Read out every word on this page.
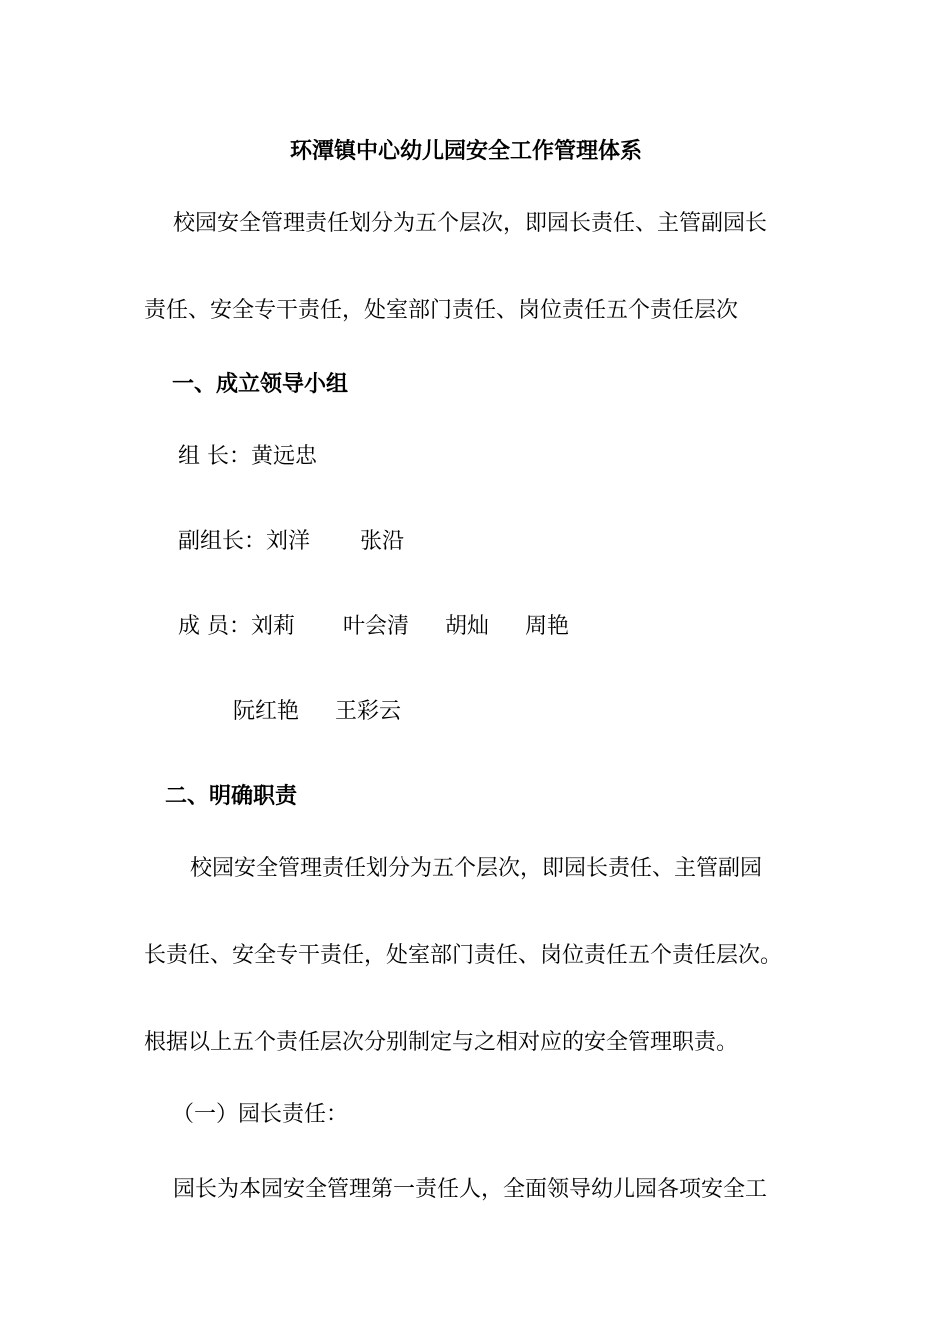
环潭镇中心幼儿园安全工作管理体系
校园安全管理责任划分为五个层次，即园长责任、主管副园长
责任、安全专干责任，处室部门责任、岗位责任五个责任层次
一、成立领导小组
组 长：黄远忠
副组长：刘洋 张沿
成 员：刘莉 叶会清 胡灿 周艳
阮红艳 王彩云
二、明确职责
校园安全管理责任划分为五个层次，即园长责任、主管副园
长责任、安全专干责任，处室部门责任、岗位责任五个责任层次。
根据以上五个责任层次分别制定与之相对应的安全管理职责。
（一）园长责任：
园长为本园安全管理第一责任人，全面领导幼儿园各项安全工
